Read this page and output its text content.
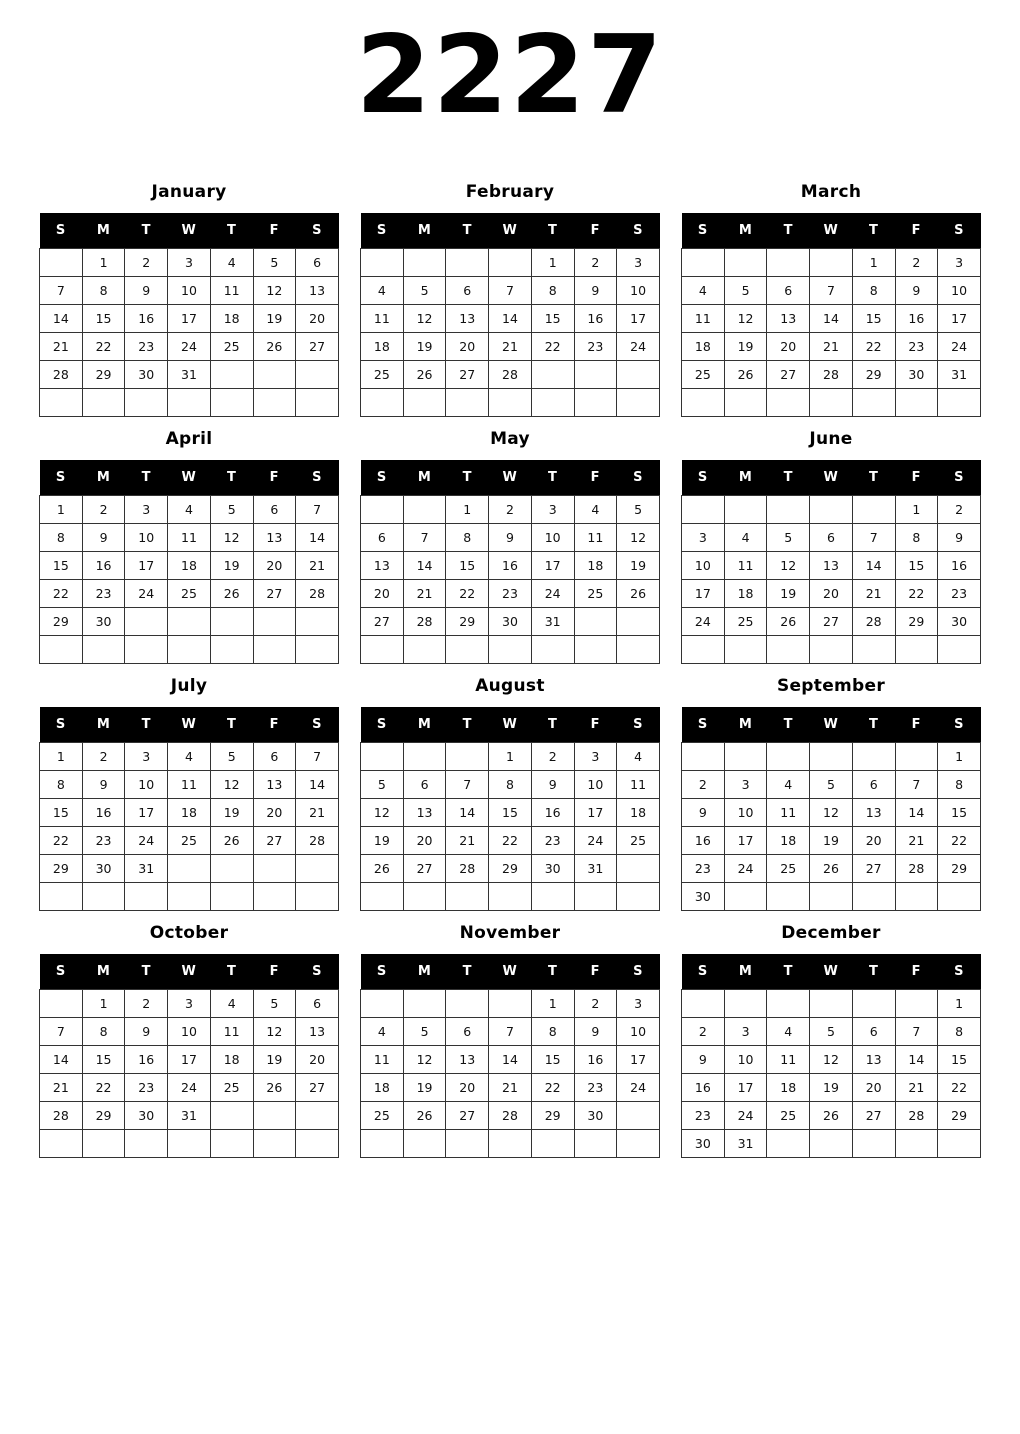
2227
January
S	M	T	W	T	F	S
	1	2	3	4	5	6
7	8	9	10	11	12	13
14	15	16	17	18	19	20
21	22	23	24	25	26	27
28	29	30	31			

February
S	M	T	W	T	F	S
				1	2	3
4	5	6	7	8	9	10
11	12	13	14	15	16	17
18	19	20	21	22	23	24
25	26	27	28			

March
S	M	T	W	T	F	S
				1	2	3
4	5	6	7	8	9	10
11	12	13	14	15	16	17
18	19	20	21	22	23	24
25	26	27	28	29	30	31

April
S	M	T	W	T	F	S
1	2	3	4	5	6	7
8	9	10	11	12	13	14
15	16	17	18	19	20	21
22	23	24	25	26	27	28
29	30					

May
S	M	T	W	T	F	S
		1	2	3	4	5
6	7	8	9	10	11	12
13	14	15	16	17	18	19
20	21	22	23	24	25	26
27	28	29	30	31		

June
S	M	T	W	T	F	S
					1	2
3	4	5	6	7	8	9
10	11	12	13	14	15	16
17	18	19	20	21	22	23
24	25	26	27	28	29	30

July
S	M	T	W	T	F	S
1	2	3	4	5	6	7
8	9	10	11	12	13	14
15	16	17	18	19	20	21
22	23	24	25	26	27	28
29	30	31				

August
S	M	T	W	T	F	S
			1	2	3	4
5	6	7	8	9	10	11
12	13	14	15	16	17	18
19	20	21	22	23	24	25
26	27	28	29	30	31	

September
S	M	T	W	T	F	S
						1
2	3	4	5	6	7	8
9	10	11	12	13	14	15
16	17	18	19	20	21	22
23	24	25	26	27	28	29
30						
October
S	M	T	W	T	F	S
	1	2	3	4	5	6
7	8	9	10	11	12	13
14	15	16	17	18	19	20
21	22	23	24	25	26	27
28	29	30	31			

November
S	M	T	W	T	F	S
				1	2	3
4	5	6	7	8	9	10
11	12	13	14	15	16	17
18	19	20	21	22	23	24
25	26	27	28	29	30	

December
S	M	T	W	T	F	S
						1
2	3	4	5	6	7	8
9	10	11	12	13	14	15
16	17	18	19	20	21	22
23	24	25	26	27	28	29
30	31					
